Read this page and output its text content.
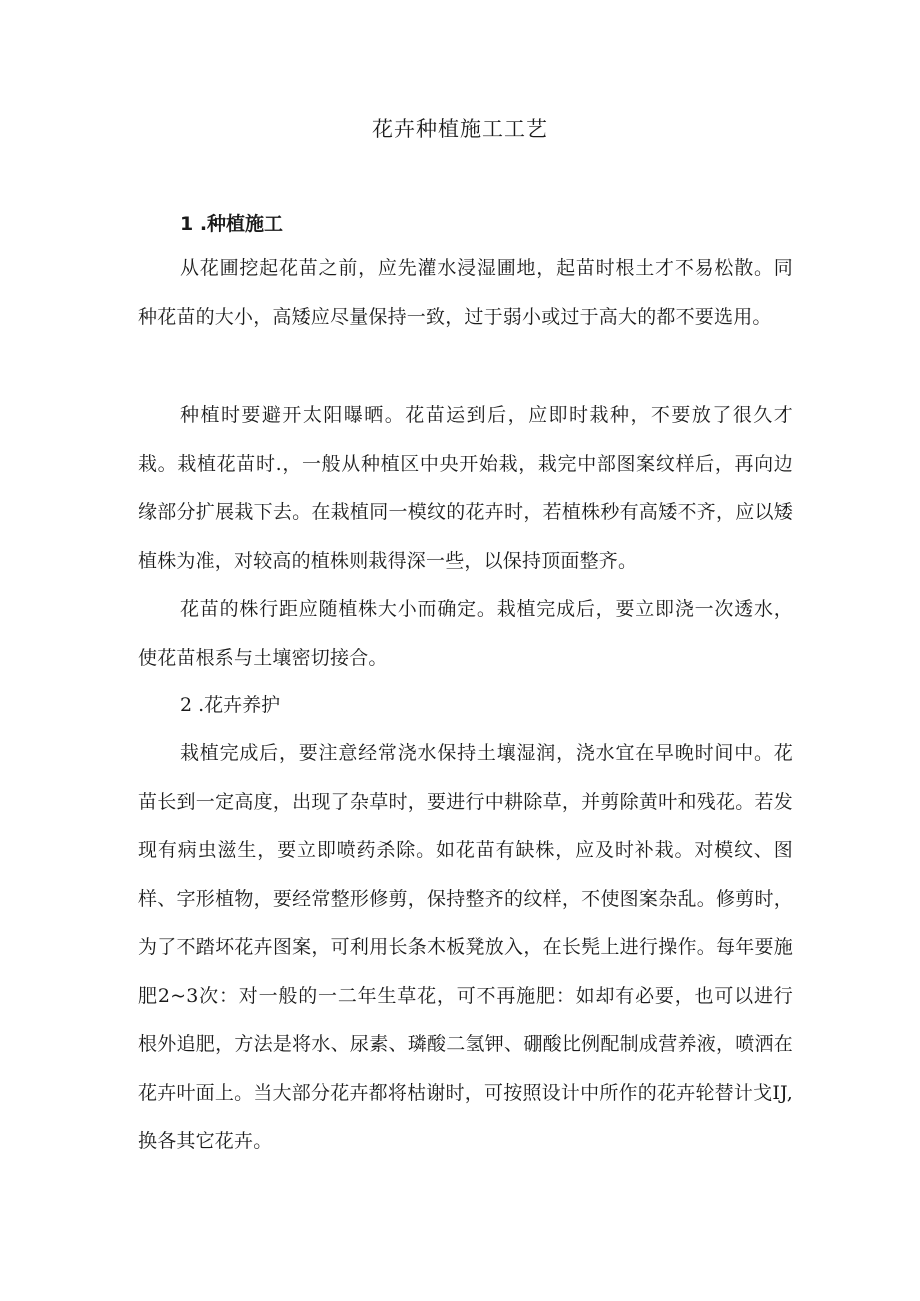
花卉种植施工工艺
1 .种植施工

从花圃挖起花苗之前，应先灌水浸湿圃地，起苗时根土才不易松散。同种花苗的大小，高矮应尽量保持一致，过于弱小或过于高大的都不要选用。

种植时要避开太阳曝晒。花苗运到后，应即时栽种，不要放了很久才栽。栽植花苗时.，一般从种植区中央开始栽，栽完中部图案纹样后，再向边缘部分扩展栽下去。在栽植同一模纹的花卉时，若植株秒有高矮不齐，应以矮植株为准，对较高的植株则栽得深一些，以保持顶面整齐。

花苗的株行距应随植株大小而确定。栽植完成后，要立即浇一次透水，使花苗根系与土壤密切接合。

2 .花卉养护

栽植完成后，要注意经常浇水保持土壤湿润，浇水宜在早晚时间中。花苗长到一定高度，出现了杂草时，要进行中耕除草，并剪除黄叶和残花。若发现有病虫滋生，要立即喷药杀除。如花苗有缺株，应及时补栽。对模纹、图样、字形植物，要经常整形修剪，保持整齐的纹样，不使图案杂乱。修剪时，为了不踏坏花卉图案，可利用长条木板凳放入，在长髡上进行操作。每年要施肥2~3次：对一般的一二年生草花，可不再施肥：如却有必要，也可以进行根外追肥，方法是将水、尿素、璘酸二氢钾、硼酸比例配制成营养液，喷洒在花卉叶面上。当大部分花卉都将枯谢时，可按照设计中所作的花卉轮替计戈IJ,换各其它花卉。
